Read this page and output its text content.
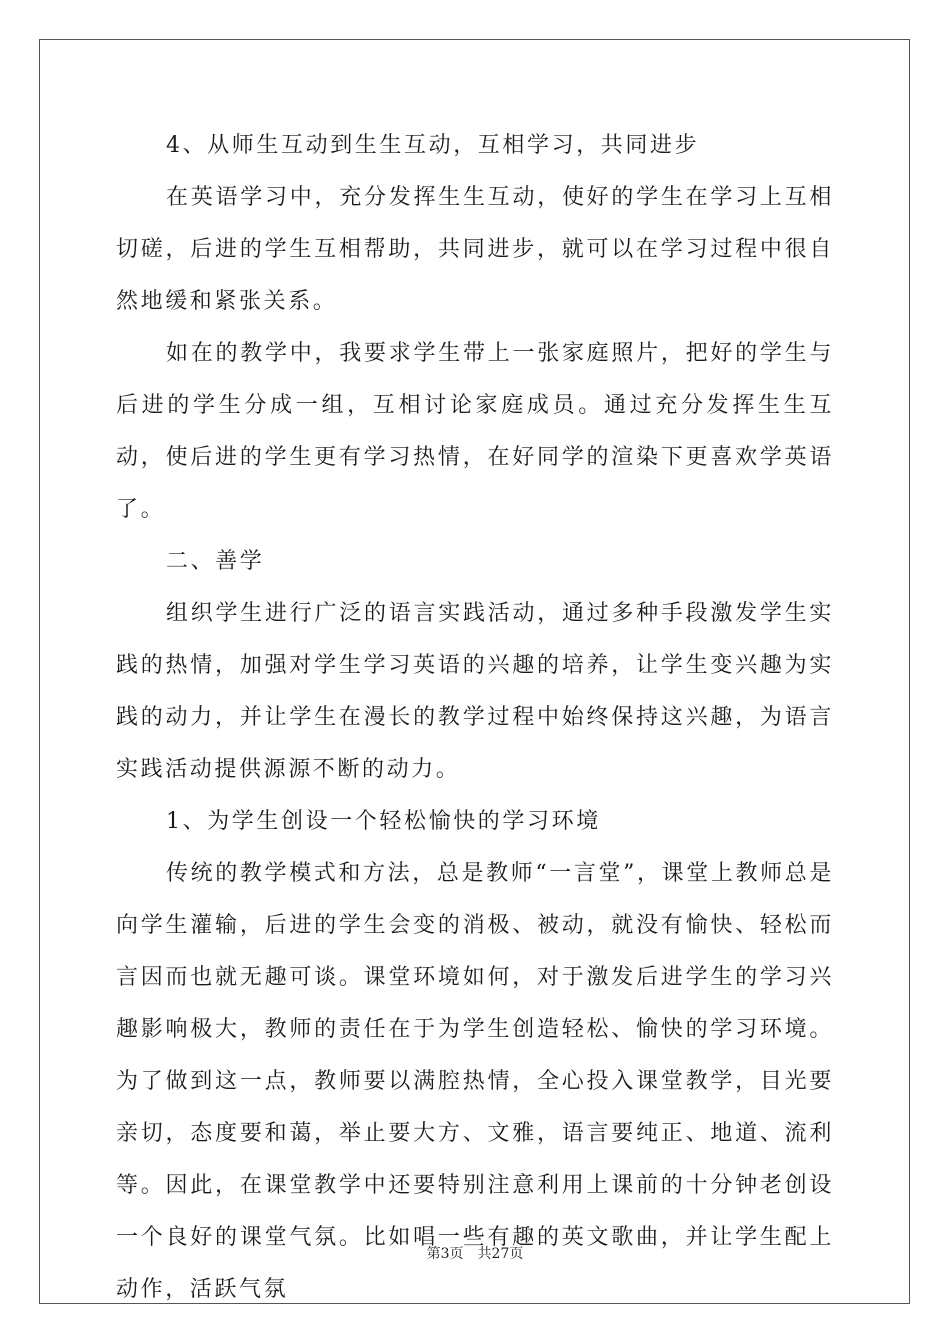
4、从师生互动到生生互动，互相学习，共同进步

在英语学习中，充分发挥生生互动，使好的学生在学习上互相切磋，后进的学生互相帮助，共同进步，就可以在学习过程中很自然地缓和紧张关系。

如在的教学中，我要求学生带上一张家庭照片，把好的学生与后进的学生分成一组，互相讨论家庭成员。通过充分发挥生生互动，使后进的学生更有学习热情，在好同学的渲染下更喜欢学英语了。

二、善学

组织学生进行广泛的语言实践活动，通过多种手段激发学生实践的热情，加强对学生学习英语的兴趣的培养，让学生变兴趣为实践的动力，并让学生在漫长的教学过程中始终保持这兴趣，为语言实践活动提供源源不断的动力。

1、为学生创设一个轻松愉快的学习环境

传统的教学模式和方法，总是教师“一言堂”，课堂上教师总是向学生灌输，后进的学生会变的消极、被动，就没有愉快、轻松而言因而也就无趣可谈。课堂环境如何，对于激发后进学生的学习兴趣影响极大，教师的责任在于为学生创造轻松、愉快的学习环境。为了做到这一点，教师要以满腔热情，全心投入课堂教学，目光要亲切，态度要和蔼，举止要大方、文雅，语言要纯正、地道、流利等。因此，在课堂教学中还要特别注意利用上课前的十分钟老创设一个良好的课堂气氛。比如唱一些有趣的英文歌曲，并让学生配上动作，活跃气氛

第3页 共27页
